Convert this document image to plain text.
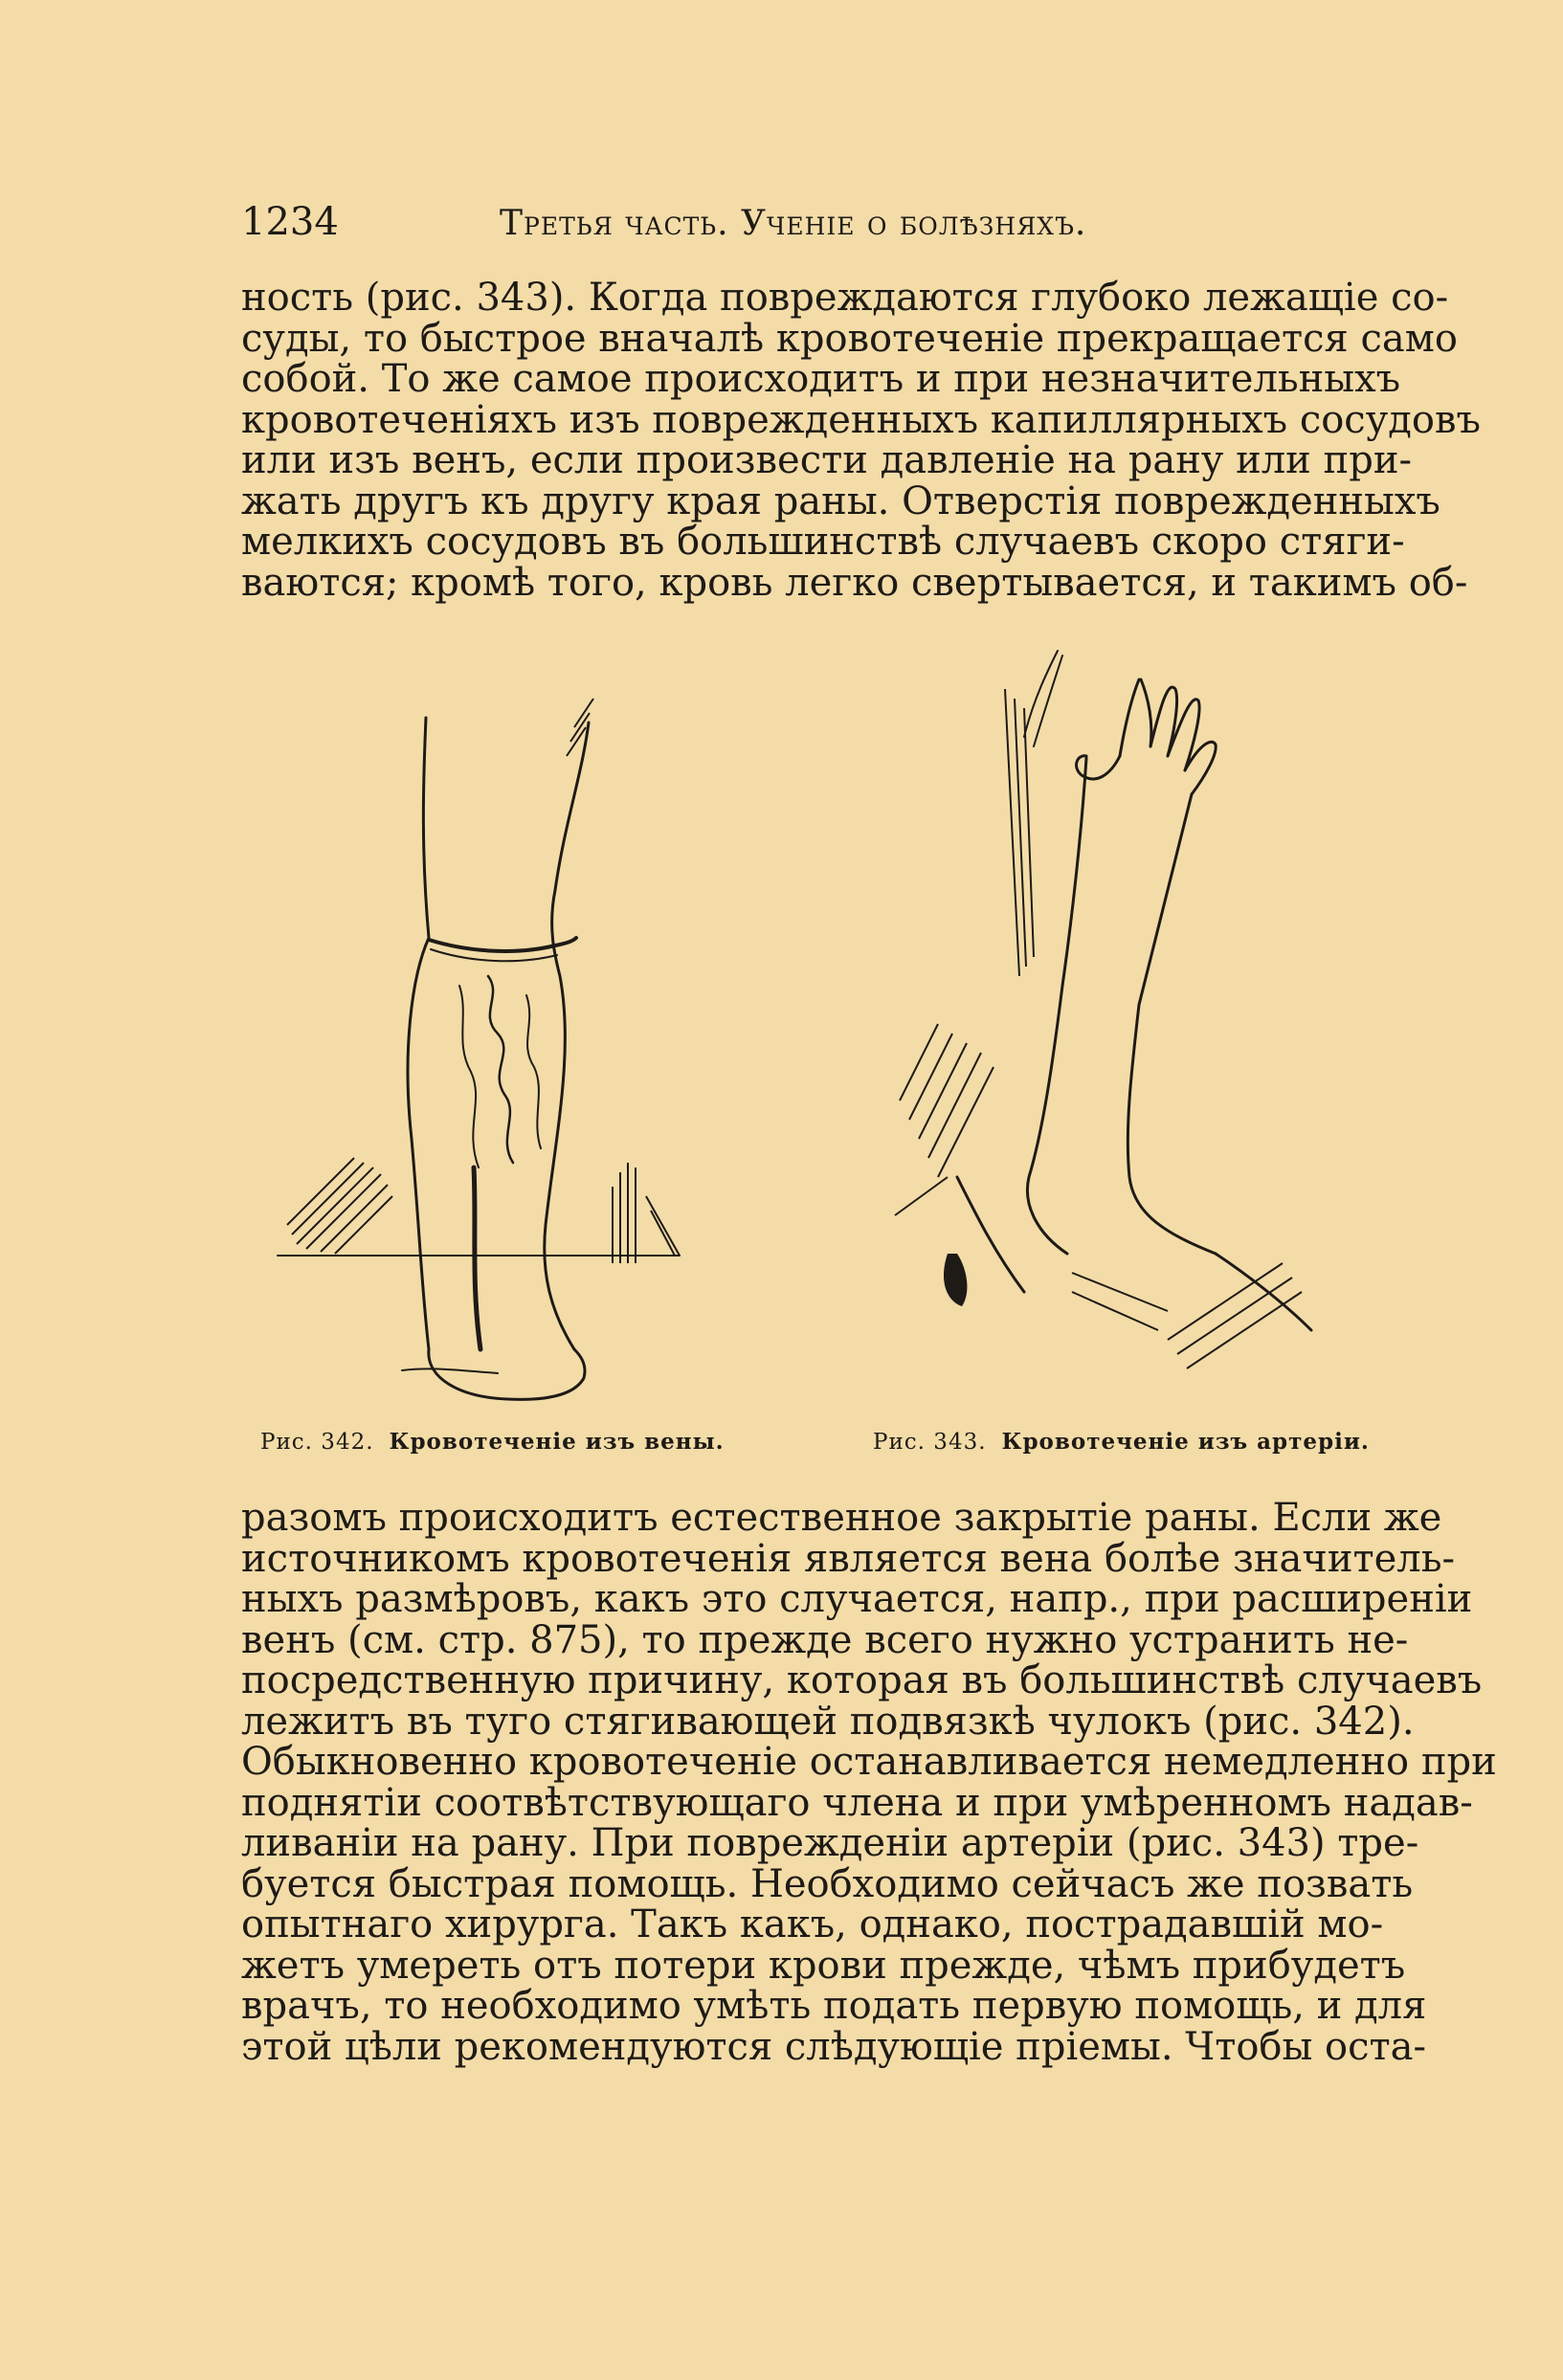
1234	Третья часть. Ученіе о болѣзняхъ.
ность (рис. 343). Когда повреждаются глубоко лежащіе со-
суды, то быстрое вначалѣ кровотеченіе прекращается само
собой. То же самое происходитъ и при незначительныхъ
кровотеченіяхъ изъ поврежденныхъ капиллярныхъ сосудовъ
или изъ венъ, если произвести давленіе на рану или при-
жать другъ къ другу края раны. Отверстія поврежденныхъ
мелкихъ сосудовъ въ большинствѣ случаевъ скоро стяги-
ваются; кромѣ того, кровь легко свертывается, и такимъ об-
Рис. 342. Кровотеченіе изъ вены.	Рис. 343. Кровотеченіе изъ артеріи.
разомъ происходитъ естественное закрытіе раны. Если же
источникомъ кровотеченія является вена болѣе значитель-
ныхъ размѣровъ, какъ это случается, напр., при расширеніи
венъ (см. стр. 875), то прежде всего нужно устранить не-
посредственную причину, которая въ большинствѣ случаевъ
лежитъ въ туго стягивающей подвязкѣ чулокъ (рис. 342).
Обыкновенно кровотеченіе останавливается немедленно при
поднятіи соотвѣтствующаго члена и при умѣренномъ надав-
ливаніи на рану. При поврежденіи артеріи (рис. 343) тре-
буется быстрая помощь. Необходимо сейчасъ же позвать
опытнаго хирурга. Такъ какъ, однако, пострадавшій мо-
жетъ умереть отъ потери крови прежде, чѣмъ прибудетъ
врачъ, то необходимо умѣть подать первую помощь, и для
этой цѣли рекомендуются слѣдующіе пріемы. Чтобы оста-
